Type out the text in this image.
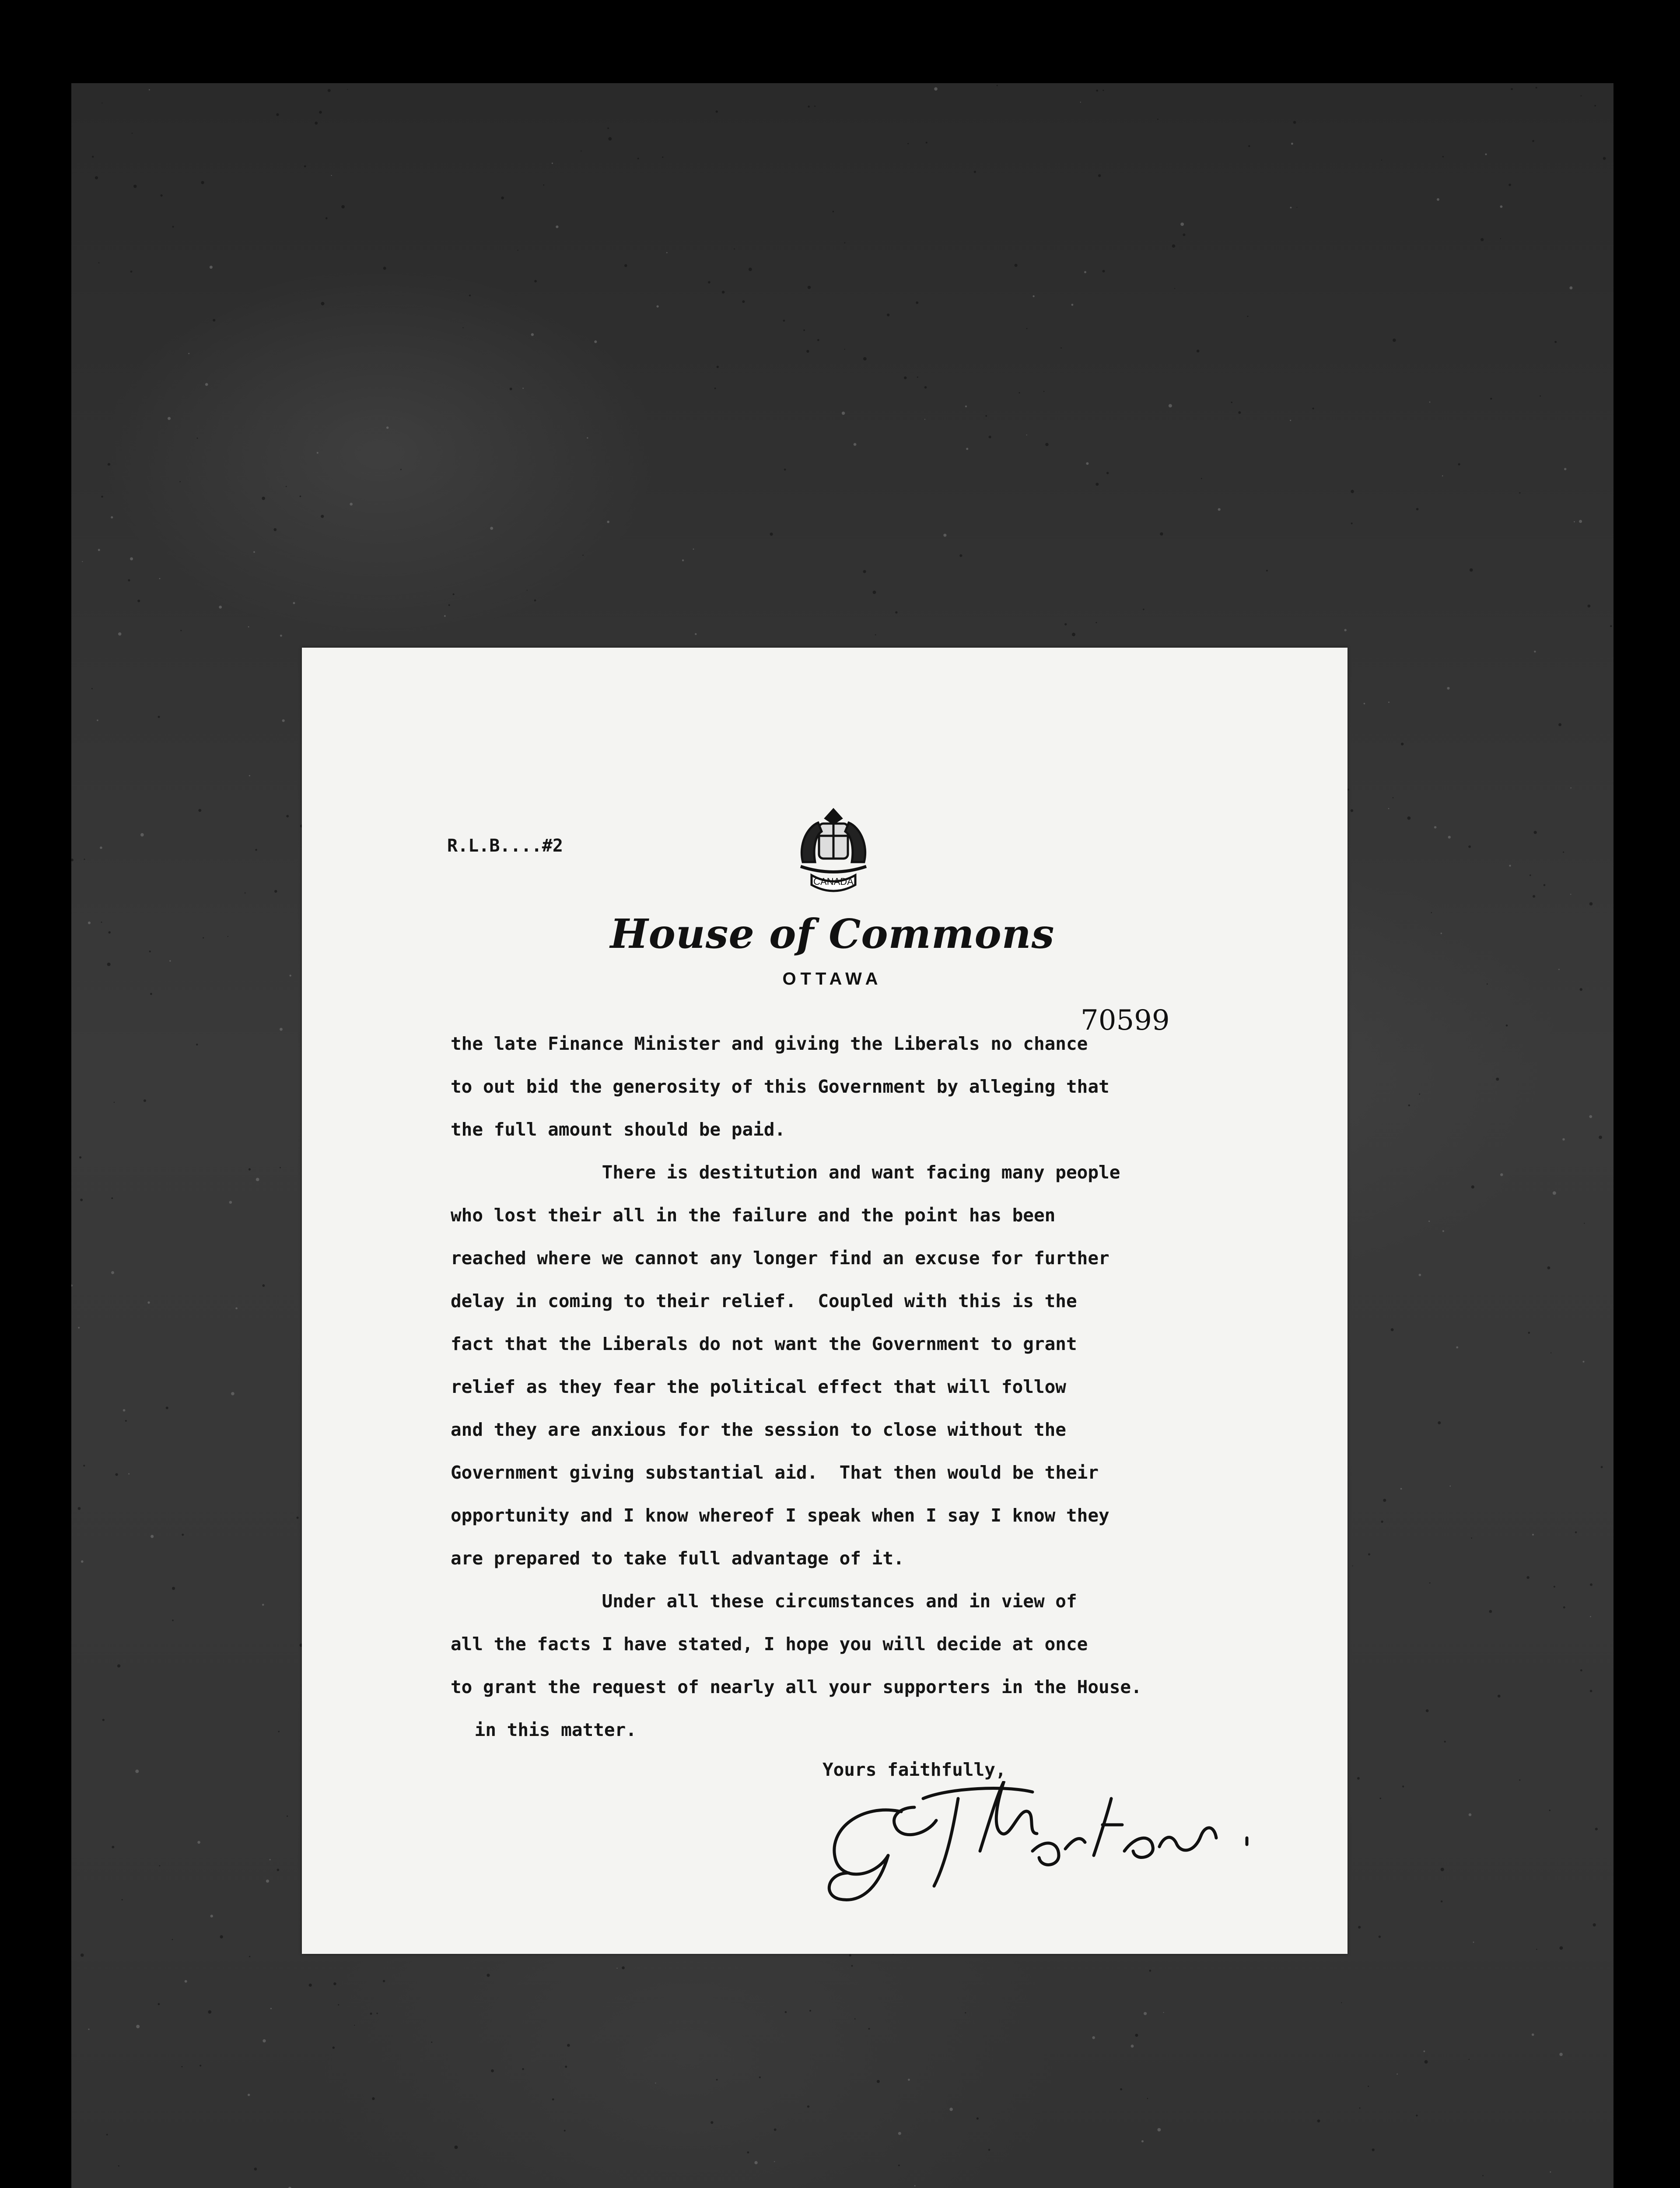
R.L.B....#2
CANADA
House of Commons
OTTAWA
70599
the late Finance Minister and giving the Liberals no chance
to out bid the generosity of this Government by alleging that
the full amount should be paid.
There is destitution and want facing many people
who lost their all in the failure and the point has been
reached where we cannot any longer find an excuse for further
delay in coming to their relief.  Coupled with this is the
fact that the Liberals do not want the Government to grant
relief as they fear the political effect that will follow
and they are anxious for the session to close without the
Government giving substantial aid.  That then would be their
opportunity and I know whereof I speak when I say I know they
are prepared to take full advantage of it.
Under all these circumstances and in view of
all the facts I have stated, I hope you will decide at once
to grant the request of nearly all your supporters in the House.
in this matter.
Yours faithfully,
